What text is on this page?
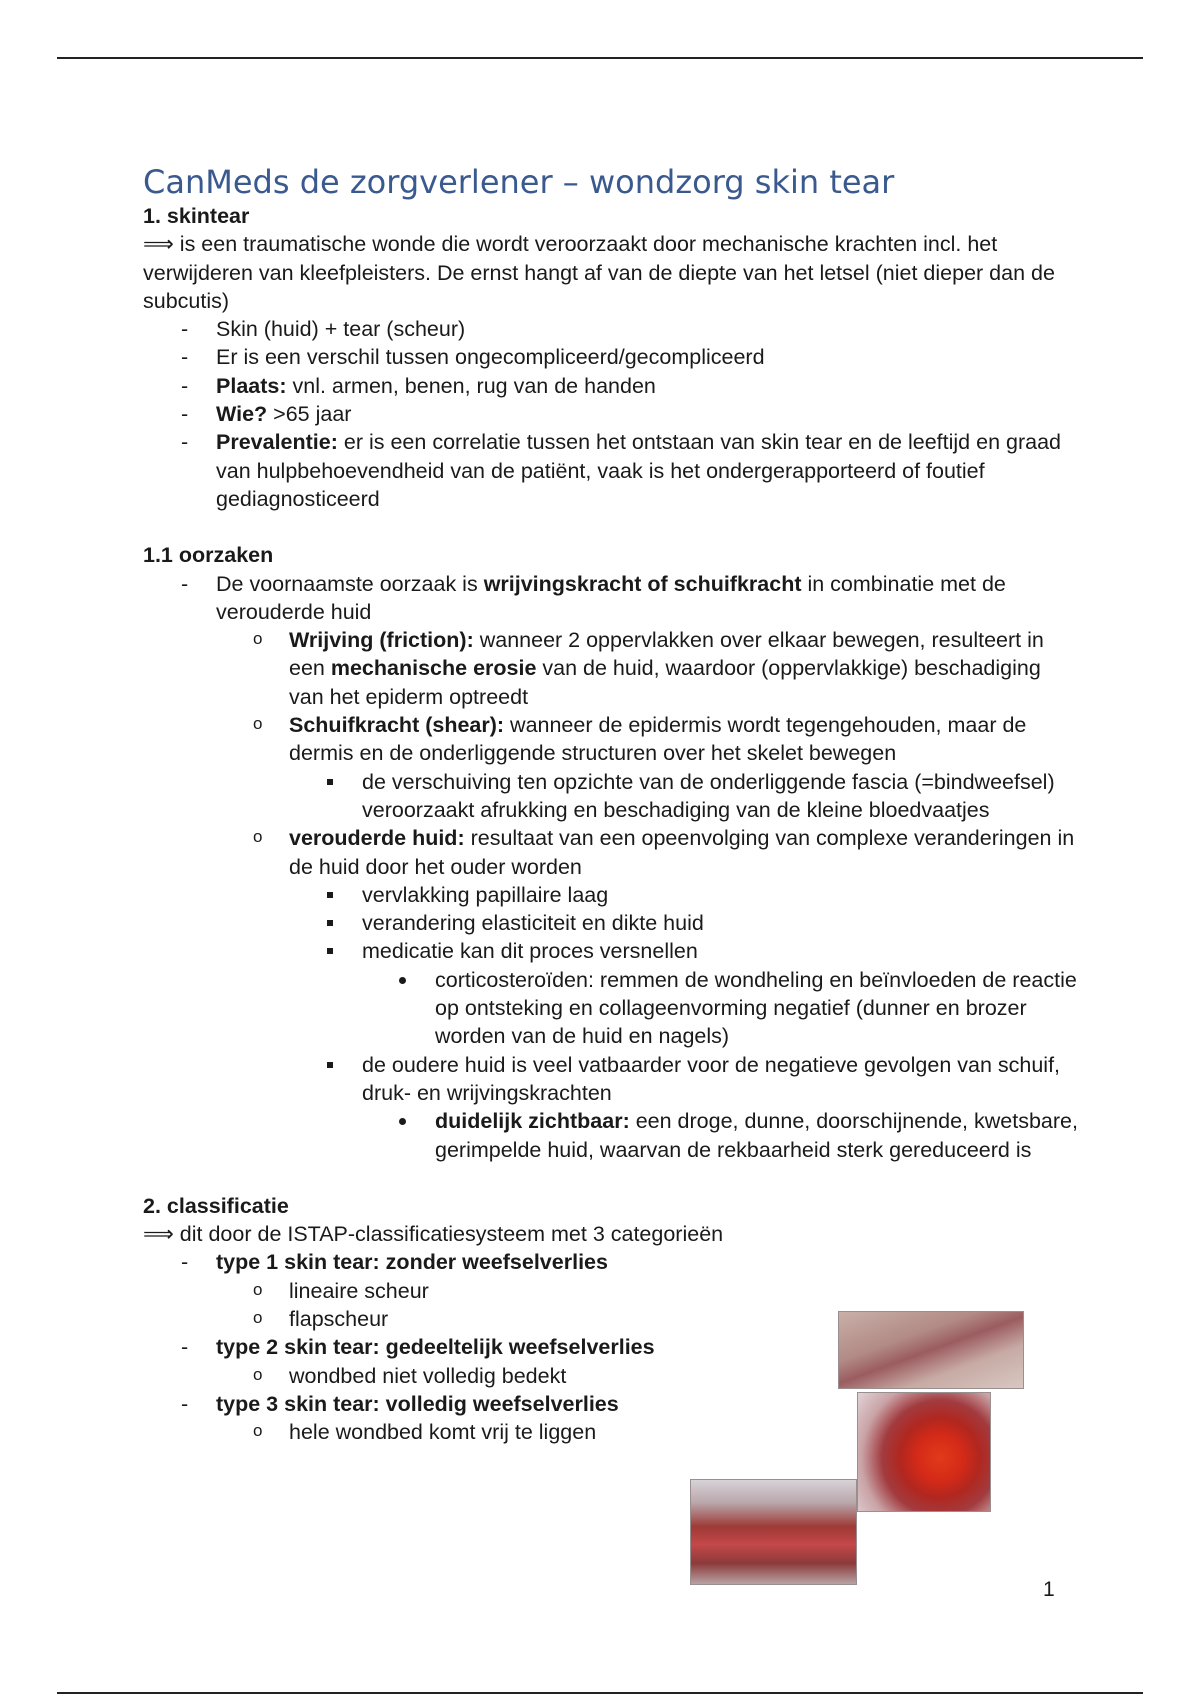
CanMeds de zorgverlener – wondzorg skin tear

1. skintear

⟹ is een traumatische wonde die wordt veroorzaakt door mechanische krachten incl. het verwijderen van kleefpleisters. De ernst hangt af van de diepte van het letsel (niet dieper dan de subcutis)

- Skin (huid) + tear (scheur)
- Er is een verschil tussen ongecompliceerd/gecompliceerd
- Plaats: vnl. armen, benen, rug van de handen
- Wie? >65 jaar
- Prevalentie: er is een correlatie tussen het ontstaan van skin tear en de leeftijd en graad van hulpbehoevendheid van de patiënt, vaak is het ondergerapporteerd of foutief gediagnosticeerd

1.1 oorzaken

- De voornaamste oorzaak is wrijvingskracht of schuifkracht in combinatie met de verouderde huid
o Wrijving (friction): wanneer 2 oppervlakken over elkaar bewegen, resulteert in een mechanische erosie van de huid, waardoor (oppervlakkige) beschadiging van het epiderm optreedt
o Schuifkracht (shear): wanneer de epidermis wordt tegengehouden, maar de dermis en de onderliggende structuren over het skelet bewegen
de verschuiving ten opzichte van de onderliggende fascia (=bindweefsel) veroorzaakt afrukking en beschadiging van de kleine bloedvaatjes
o verouderde huid: resultaat van een opeenvolging van complexe veranderingen in de huid door het ouder worden
vervlakking papillaire laag
verandering elasticiteit en dikte huid
medicatie kan dit proces versnellen
corticosteroïden: remmen de wondheling en beïnvloeden de reactie op ontsteking en collageenvorming negatief (dunner en brozer worden van de huid en nagels)
de oudere huid is veel vatbaarder voor de negatieve gevolgen van schuif, druk- en wrijvingskrachten
duidelijk zichtbaar: een droge, dunne, doorschijnende, kwetsbare, gerimpelde huid, waarvan de rekbaarheid sterk gereduceerd is

2. classificatie

⟹ dit door de ISTAP-classificatiesysteem met 3 categorieën

- type 1 skin tear: zonder weefselverlies
o lineaire scheur
o flapscheur
- type 2 skin tear: gedeeltelijk weefselverlies
o wondbed niet volledig bedekt
- type 3 skin tear: volledig weefselverlies
o hele wondbed komt vrij te liggen
1
